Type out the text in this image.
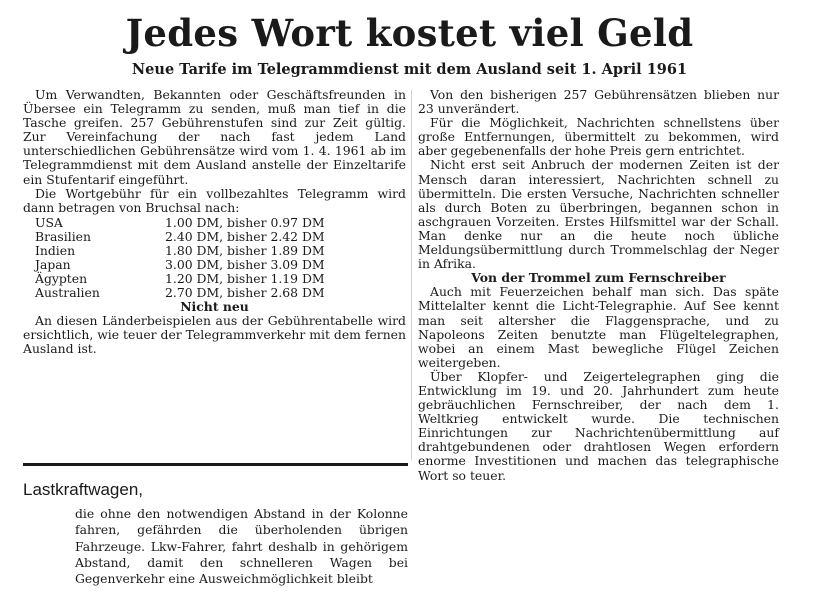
Jedes Wort kostet viel Geld
Neue Tarife im Telegrammdienst mit dem Ausland seit 1. April 1961

Um Verwandten, Bekannten oder Geschäftsfreunden in Übersee ein Telegramm zu senden, muß man tief in die Tasche greifen. 257 Gebührenstufen sind zur Zeit gültig. Zur Vereinfachung der nach fast jedem Land unterschiedlichen Gebührensätze wird vom 1. 4. 1961 ab im Telegrammdienst mit dem Ausland anstelle der Einzeltarife ein Stufentarif eingeführt.

Die Wortgebühr für ein vollbezahltes Telegramm wird dann betragen von Bruchsal nach:

USA	1.00 DM, bisher 0.97 DM
Brasilien	2.40 DM, bisher 2.42 DM
Indien	1.80 DM, bisher 1.89 DM
Japan	3.00 DM, bisher 3.09 DM
Ägypten	1.20 DM, bisher 1.19 DM
Australien	2.70 DM, bisher 2.68 DM

Nicht neu

An diesen Länderbeispielen aus der Gebührentabelle wird ersichtlich, wie teuer der Telegrammverkehr mit dem fernen Ausland ist.

Von den bisherigen 257 Gebührensätzen blieben nur 23 unverändert.

Für die Möglichkeit, Nachrichten schnellstens über große Entfernungen, übermittelt zu bekommen, wird aber gegebenenfalls der hohe Preis gern entrichtet.

Nicht erst seit Anbruch der modernen Zeiten ist der Mensch daran interessiert, Nachrichten schnell zu übermitteln. Die ersten Versuche, Nachrichten schneller als durch Boten zu überbringen, begannen schon in aschgrauen Vorzeiten. Erstes Hilfsmittel war der Schall. Man denke nur an die heute noch übliche Meldungsübermittlung durch Trommelschlag der Neger in Afrika.

Von der Trommel zum Fernschreiber

Auch mit Feuerzeichen behalf man sich. Das späte Mittelalter kennt die Licht-Telegraphie. Auf See kennt man seit altersher die Flaggensprache, und zu Napoleons Zeiten benutzte man Flügeltelegraphen, wobei an einem Mast bewegliche Flügel Zeichen weitergeben.

Über Klopfer- und Zeigertelegraphen ging die Entwicklung im 19. und 20. Jahrhundert zum heute gebräuchlichen Fernschreiber, der nach dem 1. Weltkrieg entwickelt wurde. Die technischen Einrichtungen zur Nachrichtenübermittlung auf drahtgebundenen oder drahtlosen Wegen erfordern enorme Investitionen und machen das telegraphische Wort so teuer.

Lastkraftwagen,
die ohne den notwendigen Abstand in der Kolonne fahren, gefährden die überholenden übrigen Fahrzeuge. Lkw-Fahrer, fahrt deshalb in gehörigem Abstand, damit den schnelleren Wagen bei Gegenverkehr eine Ausweichmöglichkeit bleibt
